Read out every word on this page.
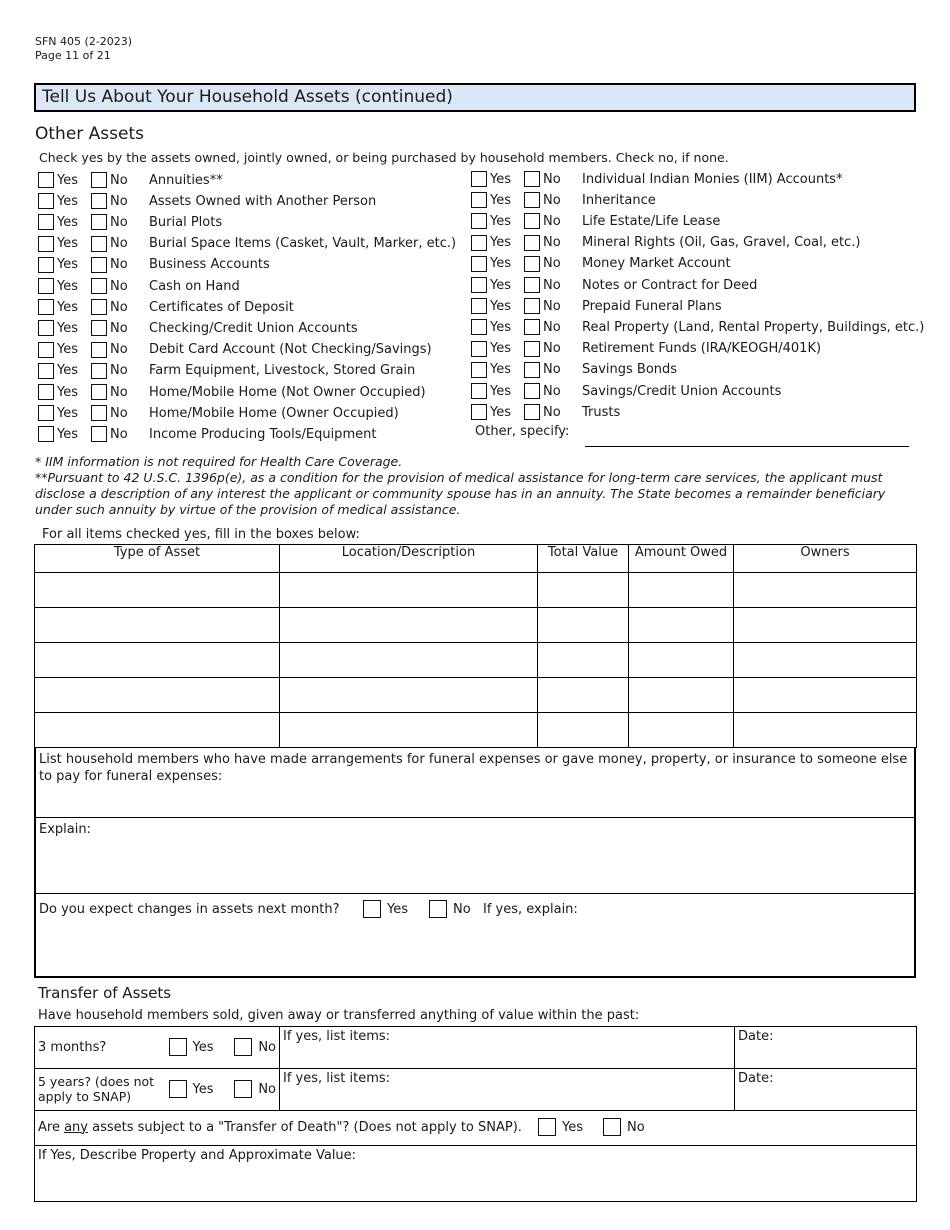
SFN 405 (2-2023)
Page 11 of 21
Tell Us About Your Household Assets (continued)
Other Assets
Check yes by the assets owned, jointly owned, or being purchased by household members. Check no, if none.
Yes	No	Annuities**
Yes	No	Assets Owned with Another Person
Yes	No	Burial Plots
Yes	No	Burial Space Items (Casket, Vault, Marker, etc.)
Yes	No	Business Accounts
Yes	No	Cash on Hand
Yes	No	Certificates of Deposit
Yes	No	Checking/Credit Union Accounts
Yes	No	Debit Card Account (Not Checking/Savings)
Yes	No	Farm Equipment, Livestock, Stored Grain
Yes	No	Home/Mobile Home (Not Owner Occupied)
Yes	No	Home/Mobile Home (Owner Occupied)
Yes	No	Income Producing Tools/Equipment
Yes	No	Individual Indian Monies (IIM) Accounts*
Yes	No	Inheritance
Yes	No	Life Estate/Life Lease
Yes	No	Mineral Rights (Oil, Gas, Gravel, Coal, etc.)
Yes	No	Money Market Account
Yes	No	Notes or Contract for Deed
Yes	No	Prepaid Funeral Plans
Yes	No	Real Property (Land, Rental Property, Buildings, etc.)
Yes	No	Retirement Funds (IRA/KEOGH/401K)
Yes	No	Savings Bonds
Yes	No	Savings/Credit Union Accounts
Yes	No	Trusts
Other, specify:
* IIM information is not required for Health Care Coverage.
**Pursuant to 42 U.S.C. 1396p(e), as a condition for the provision of medical assistance for long-term care services, the applicant must disclose a description of any interest the applicant or community spouse has in an annuity. The State becomes a remainder beneficiary under such annuity by virtue of the provision of medical assistance.
For all items checked yes, fill in the boxes below:
Type of Asset	Location/Description	Total Value	Amount Owed	Owners

List household members who have made arrangements for funeral expenses or gave money, property, or insurance to someone else to pay for funeral expenses:
Explain:
Do you expect changes in assets next month?	Yes	No If yes, explain:
Transfer of Assets
Have household members sold, given away or transferred anything of value within the past:
3 months? Yes No	If yes, list items:	Date:

5 years? (does not apply to SNAP) Yes No	If yes, list items:	Date:

Are any assets subject to a "Transfer of Death"? (Does not apply to SNAP). Yes No		

If Yes, Describe Property and Approximate Value:		
